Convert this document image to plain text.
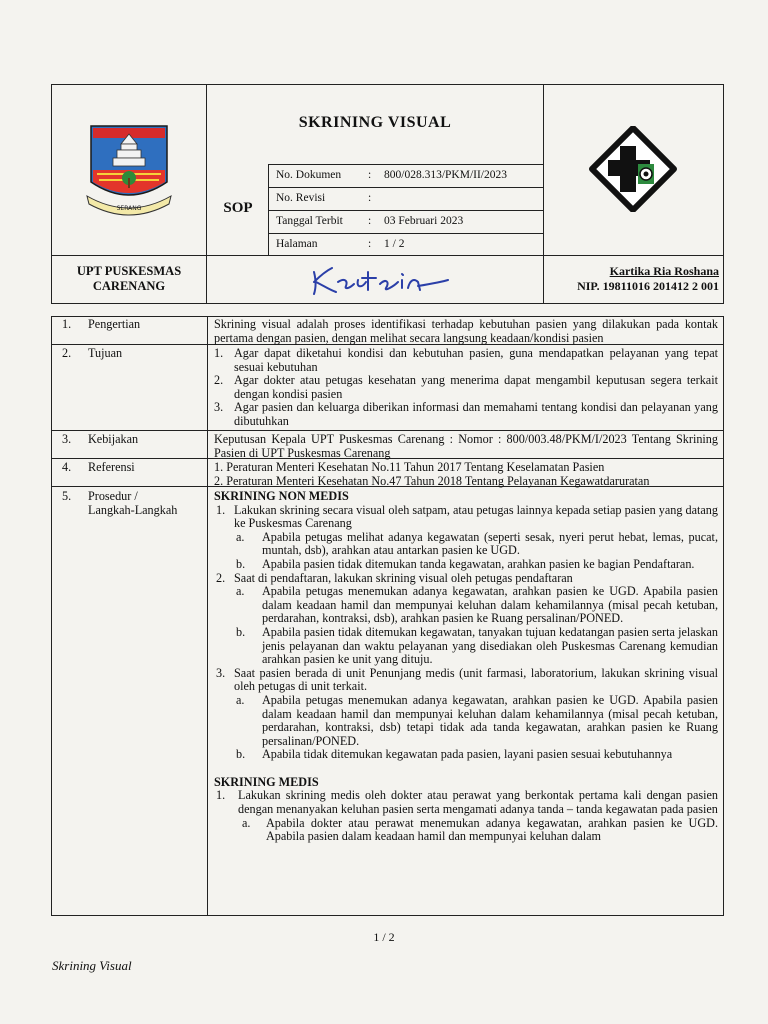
SERANG
SKRINING VISUAL
SOP
No. Dokumen : 800/028.313/PKM/II/2023
No. Revisi	:
Tanggal Terbit : 03 Februari 2023
Halaman	: 1 / 2
UPT PUSKESMAS
CARENANG
Kartika Ria Roshana
NIP. 19811016 201412 2 001
1. Pengertian	Skrining visual adalah proses identifikasi terhadap kebutuhan pasien yang dilakukan pada kontak pertama dengan pasien, dengan melihat secara langsung keadaan/kondisi pasien
2. Tujuan	1. Agar dapat diketahui kondisi dan kebutuhan pasien, guna mendapatkan pelayanan yang tepat sesuai kebutuhan
2. Agar dokter atau petugas kesehatan yang menerima dapat mengambil keputusan segera terkait dengan kondisi pasien
3. Agar pasien dan keluarga diberikan informasi dan memahami tentang kondisi dan pelayanan yang dibutuhkan
3. Kebijakan	Keputusan Kepala UPT Puskesmas Carenang : Nomor : 800/003.48/PKM/I/2023 Tentang Skrining Pasien di UPT Puskesmas Carenang
4. Referensi	1. Peraturan Menteri Kesehatan No.11 Tahun 2017 Tentang Keselamatan Pasien
2. Peraturan Menteri Kesehatan No.47 Tahun 2018 Tentang Pelayanan Kegawatdaruratan
5. Prosedur /
Langkah-Langkah
SKRINING NON MEDIS
1. Lakukan skrining secara visual oleh satpam, atau petugas lainnya kepada setiap pasien yang datang ke Puskesmas Carenang
a. Apabila petugas melihat adanya kegawatan (seperti sesak, nyeri perut hebat, lemas, pucat, muntah, dsb), arahkan atau antarkan pasien ke UGD.
b. Apabila pasien tidak ditemukan tanda kegawatan, arahkan pasien ke bagian Pendaftaran.
2. Saat di pendaftaran, lakukan skrining visual oleh petugas pendaftaran
a. Apabila petugas menemukan adanya kegawatan, arahkan pasien ke UGD. Apabila pasien dalam keadaan hamil dan mempunyai keluhan dalam kehamilannya (misal pecah ketuban, perdarahan, kontraksi, dsb), arahkan pasien ke Ruang persalinan/PONED.
b. Apabila pasien tidak ditemukan kegawatan, tanyakan tujuan kedatangan pasien serta jelaskan jenis pelayanan dan waktu pelayanan yang disediakan oleh Puskesmas Carenang kemudian arahkan pasien ke unit yang dituju.
3. Saat pasien berada di unit Penunjang medis (unit farmasi, laboratorium, lakukan skrining visual oleh petugas di unit terkait.
a. Apabila petugas menemukan adanya kegawatan, arahkan pasien ke UGD. Apabila pasien dalam keadaan hamil dan mempunyai keluhan dalam kehamilannya (misal pecah ketuban, perdarahan, kontraksi, dsb) tetapi tidak ada tanda kegawatan, arahkan pasien ke Ruang persalinan/PONED.
b. Apabila tidak ditemukan kegawatan pada pasien, layani pasien sesuai kebutuhannya
SKRINING MEDIS
1. Lakukan skrining medis oleh dokter atau perawat yang berkontak pertama kali dengan pasien dengan menanyakan keluhan pasien serta mengamati adanya tanda – tanda kegawatan pada pasien
a. Apabila dokter atau perawat menemukan adanya kegawatan, arahkan pasien ke UGD. Apabila pasien dalam keadaan hamil dan mempunyai keluhan dalam
1 / 2
Skrining Visual
